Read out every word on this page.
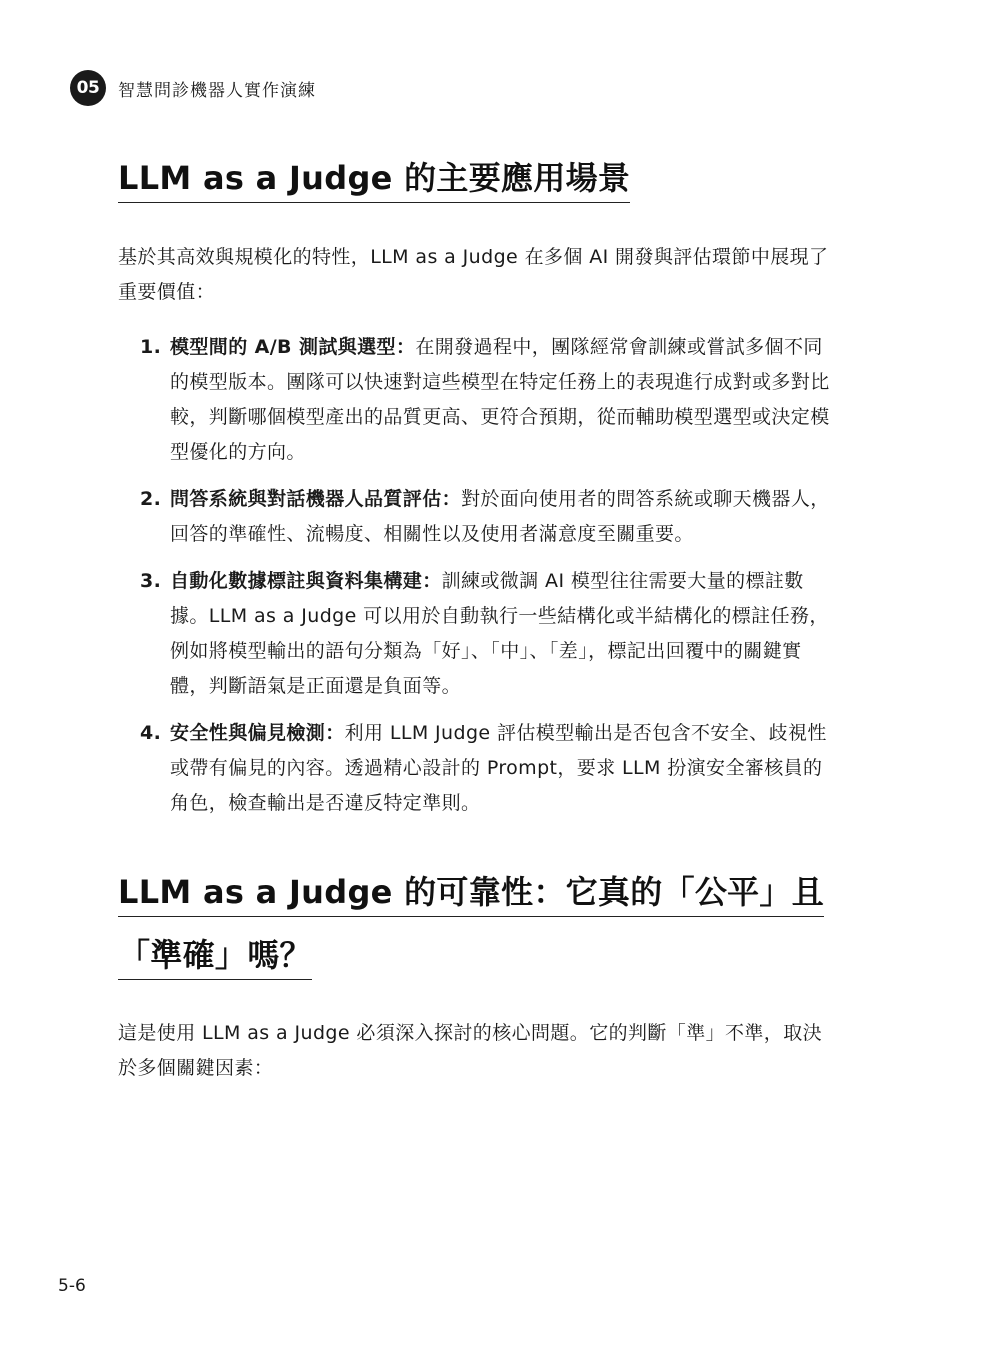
05	智慧問診機器人實作演練
LLM as a Judge 的主要應用場景

基於其高效與規模化的特性，LLM as a Judge 在多個 AI 開發與評估環節中展現了重要價值：

1. 模型間的 A/B 測試與選型：在開發過程中，團隊經常會訓練或嘗試多個不同的模型版本。團隊可以快速對這些模型在特定任務上的表現進行成對或多對比較，判斷哪個模型產出的品質更高、更符合預期，從而輔助模型選型或決定模型優化的方向。
2. 問答系統與對話機器人品質評估：對於面向使用者的問答系統或聊天機器人，回答的準確性、流暢度、相關性以及使用者滿意度至關重要。
3. 自動化數據標註與資料集構建：訓練或微調 AI 模型往往需要大量的標註數據。LLM as a Judge 可以用於自動執行一些結構化或半結構化的標註任務，例如將模型輸出的語句分類為「好」、「中」、「差」，標記出回覆中的關鍵實體，判斷語氣是正面還是負面等。
4. 安全性與偏見檢測：利用 LLM Judge 評估模型輸出是否包含不安全、歧視性或帶有偏見的內容。透過精心設計的 Prompt，要求 LLM 扮演安全審核員的角色，檢查輸出是否違反特定準則。
LLM as a Judge 的可靠性：它真的「公平」且
「準確」嗎？

這是使用 LLM as a Judge 必須深入探討的核心問題。它的判斷「準」不準，取決於多個關鍵因素：

5-6
